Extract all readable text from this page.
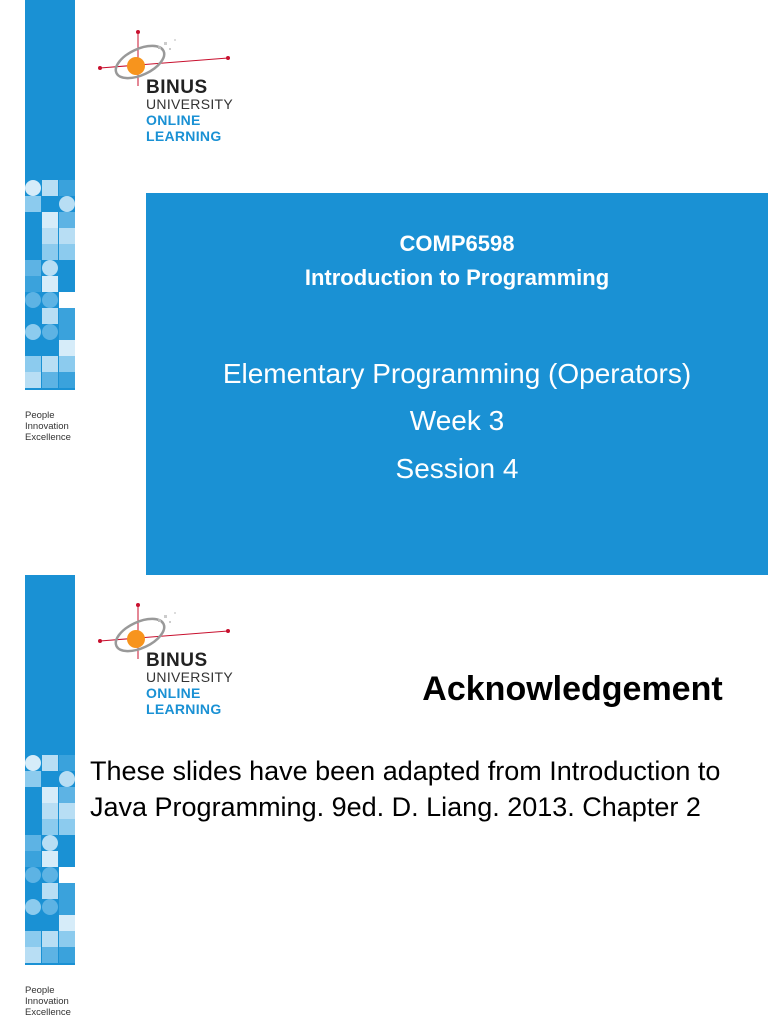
People
Innovation
Excellence
BINUS
UNIVERSITY
ONLINE
LEARNING
COMP6598
Introduction to Programming
Elementary Programming (Operators)
Week 3
Session 4
People
Innovation
Excellence
BINUS
UNIVERSITY
ONLINE
LEARNING
Acknowledgement
These slides have been adapted from Introduction to Java Programming. 9ed. D. Liang. 2013. Chapter 2
